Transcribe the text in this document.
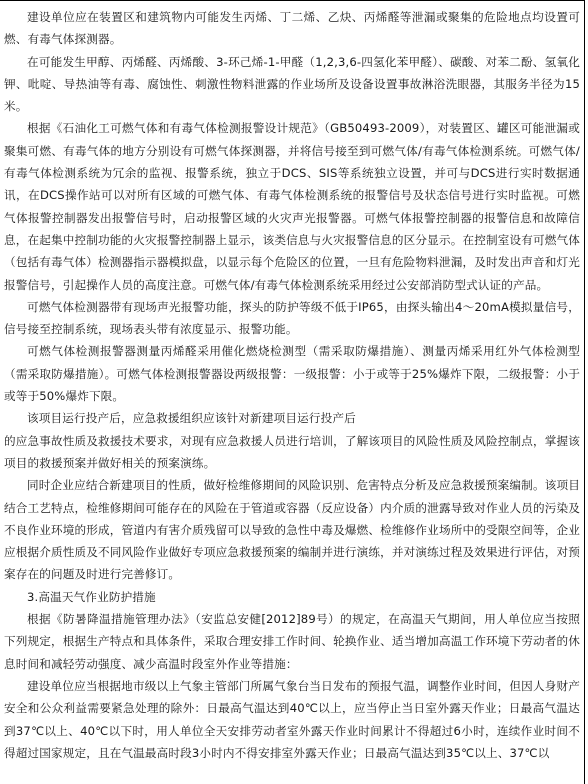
建设单位应在装置区和建筑物内可能发生丙烯、丁二烯、乙炔、丙烯醛等泄漏或聚集的危险地点均设置可燃、有毒气体探测器。

在可能发生甲醇、丙烯醛、丙烯酸、3-环己烯-1-甲醛（1,2,3,6-四氢化苯甲醛）、碳酸、对苯二酚、氢氧化钾、吡啶、导热油等有毒、腐蚀性、刺激性物料泄露的作业场所及设备设置事故淋浴洗眼器，其服务半径为15米。

根据《石油化工可燃气体和有毒气体检测报警设计规范》（GB50493-2009），对装置区、罐区可能泄漏或聚集可燃、有毒气体的地方分别设有可燃气体探测器，并将信号接至到可燃气体/有毒气体检测系统。可燃气体/有毒气体检测系统为冗余的监视、报警系统，独立于DCS、SIS等系统独立设置，并可与DCS进行实时数据通讯，在DCS操作站可以对所有区域的可燃气体、有毒气体检测系统的报警信号及状态信号进行实时监视。可燃气体报警控制器发出报警信号时，启动报警区域的火灾声光报警器。可燃气体报警控制器的报警信息和故障信息，在起集中控制功能的火灾报警控制器上显示，该类信息与火灾报警信息的区分显示。在控制室设有可燃气体（包括有毒气体）检测器指示器模拟盘，以显示每个危险区的位置，一旦有危险物料泄漏，及时发出声音和灯光报警信号，引起操作人员的高度注意。可燃气体/有毒气体检测系统采用经过公安部消防型式认证的产品。

可燃气体检测器带有现场声光报警功能，探头的防护等级不低于IP65，由探头输出4～20mA模拟量信号，信号接至控制系统，现场表头带有浓度显示、报警功能。

可燃气体检测报警器测量丙烯醛采用催化燃烧检测型（需采取防爆措施）、测量丙烯采用红外气体检测型（需采取防爆措施）。可燃气体检测报警器设两级报警：一级报警：小于或等于25%爆炸下限，二级报警：小于或等于50%爆炸下限。

该项目运行投产后，应急救援组织应该针对新建项目运行投产后

的应急事故性质及救援技术要求，对现有应急救援人员进行培训，了解该项目的风险性质及风险控制点，掌握该项目的救援预案并做好相关的预案演练。

同时企业应结合新建项目的性质，做好检维修期间的风险识别、危害特点分析及应急救援预案编制。该项目结合工艺特点，检维修期间可能存在的风险在于管道或容器（反应设备）内介质的泄露导致对作业人员的污染及不良作业环境的形成，管道内有害介质残留可以导致的急性中毒及爆燃、检维修作业场所中的受限空间等，企业应根据介质性质及不同风险作业做好专项应急救援预案的编制并进行演练，并对演练过程及效果进行评估，对预案存在的问题及时进行完善修订。

3.高温天气作业防护措施

根据《防暑降温措施管理办法》（安监总安健[2012]89号）的规定，在高温天气期间，用人单位应当按照下列规定，根据生产特点和具体条件，采取合理安排工作时间、轮换作业、适当增加高温工作环境下劳动者的休息时间和减轻劳动强度、减少高温时段室外作业等措施：

建设单位应当根据地市级以上气象主管部门所属气象台当日发布的预报气温，调整作业时间，但因人身财产安全和公众利益需要紧急处理的除外：日最高气温达到40℃以上，应当停止当日室外露天作业；日最高气温达到37℃以上、40℃以下时，用人单位全天安排劳动者室外露天作业时间累计不得超过6小时，连续作业时间不得超过国家规定，且在气温最高时段3小时内不得安排室外露天作业；日最高气温达到35℃以上、37℃以
